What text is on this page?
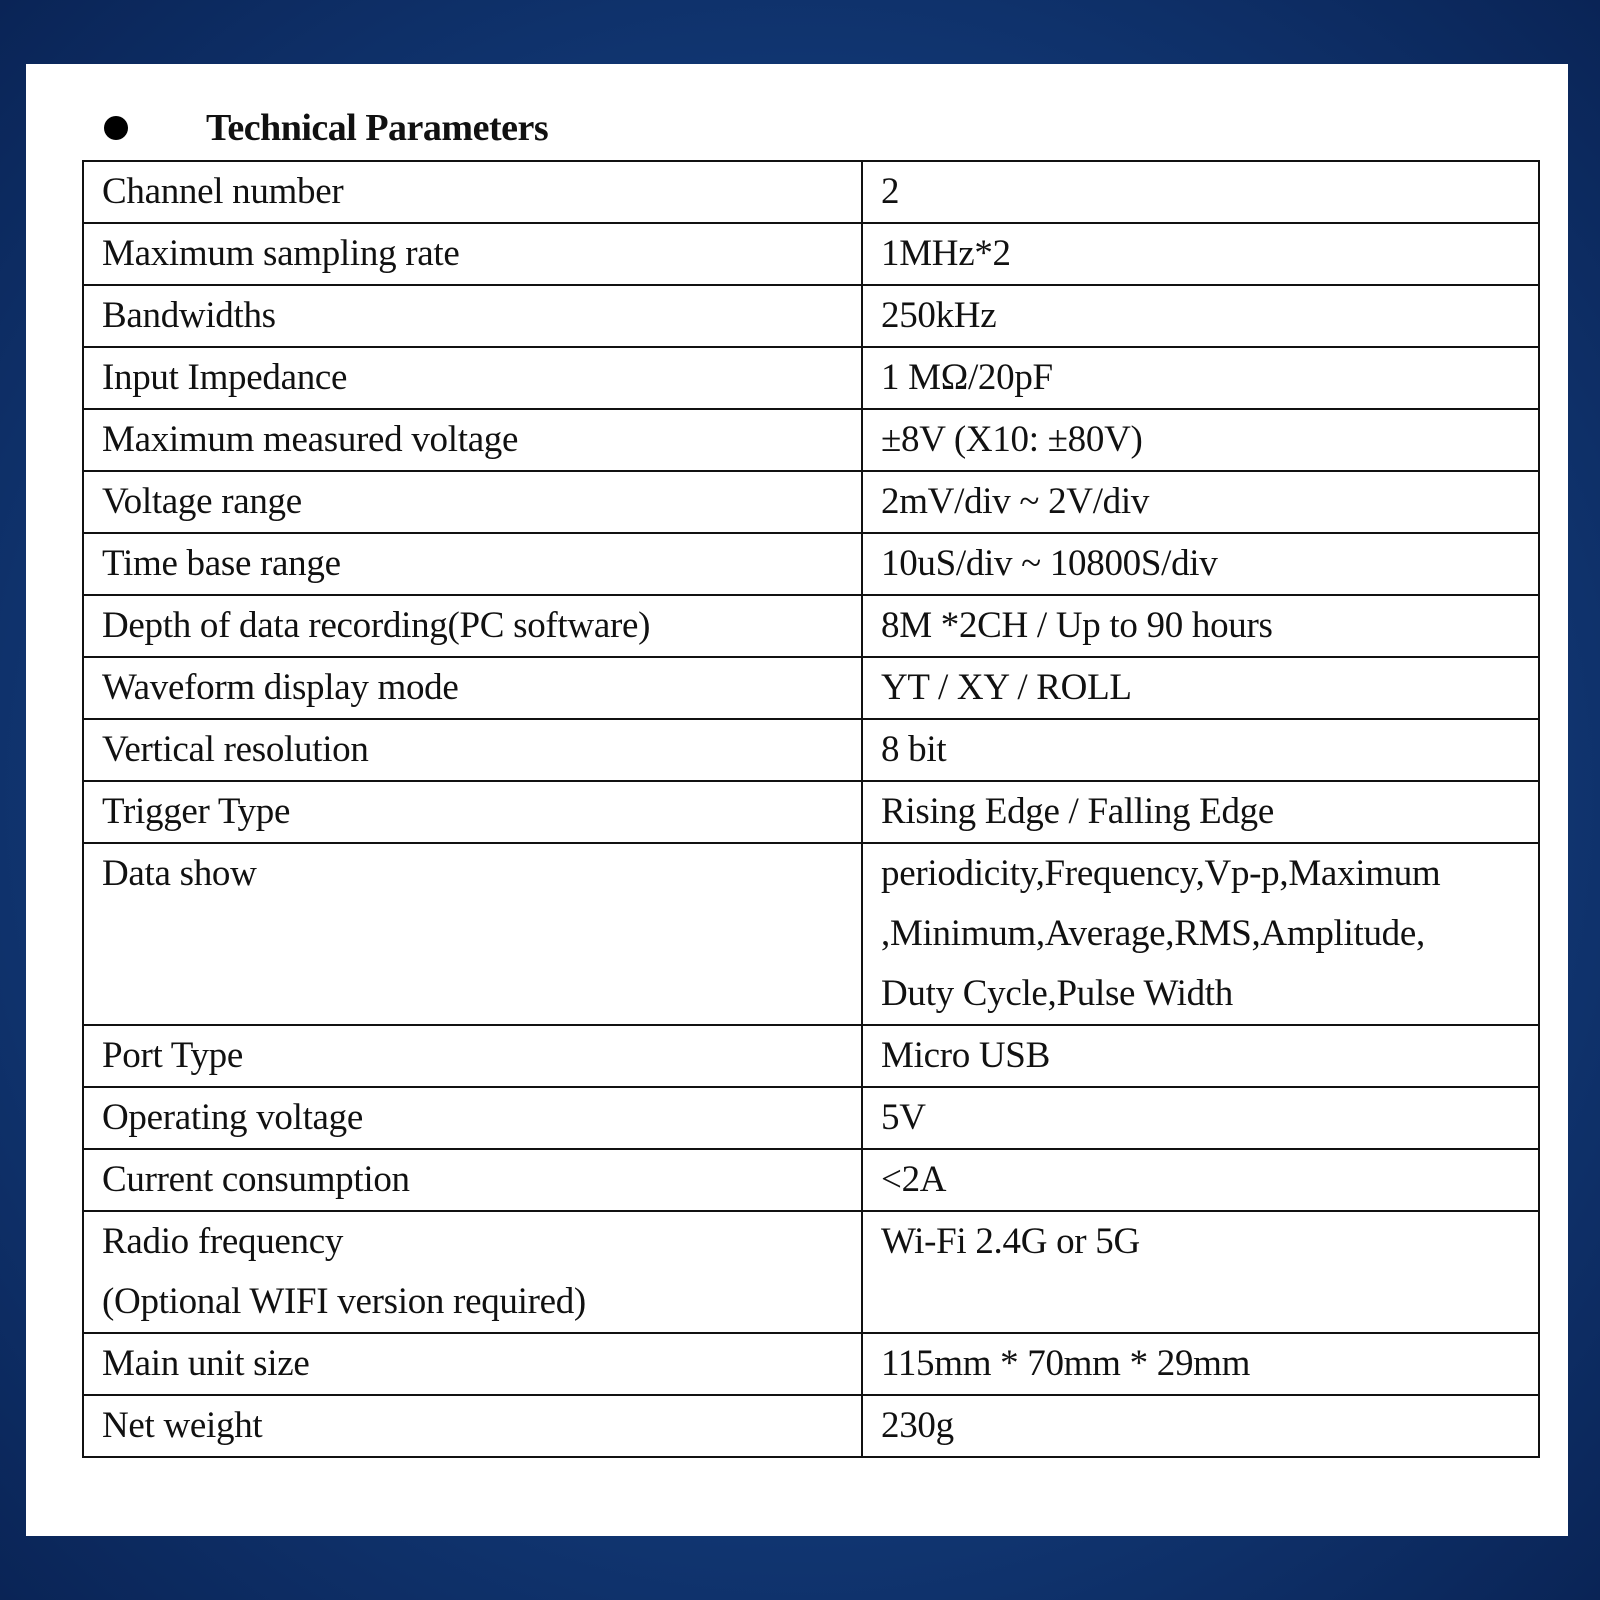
Technical Parameters
Channel number	2

Maximum sampling rate	1MHz*2

Bandwidths	250kHz

Input Impedance	1 MΩ/20pF

Maximum measured voltage	±8V (X10: ±80V)

Voltage range	2mV/div ~ 2V/div

Time base range	10uS/div ~ 10800S/div

Depth of data recording(PC software)	8M *2CH / Up to 90 hours

Waveform display mode	YT / XY / ROLL

Vertical resolution	8 bit

Trigger Type	Rising Edge / Falling Edge

Data show	periodicity,Frequency,Vp-p,Maximum
,Minimum,Average,RMS,Amplitude,
Duty Cycle,Pulse Width

Port Type	Micro USB

Operating voltage	5V

Current consumption	<2A

Radio frequency
(Optional WIFI version required)	Wi-Fi 2.4G or 5G

Main unit size	115mm * 70mm * 29mm

Net weight	230g
